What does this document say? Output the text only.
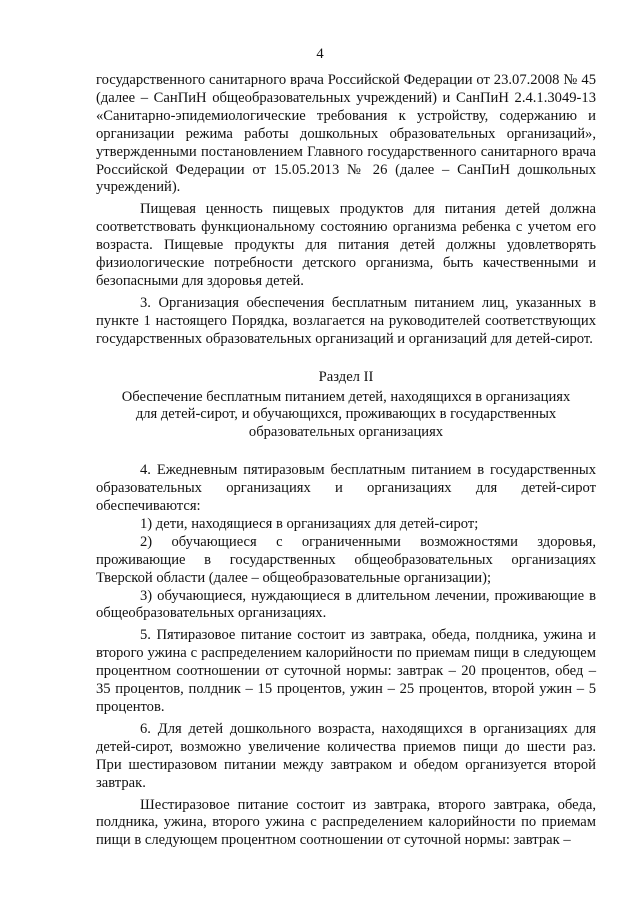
4

государственного санитарного врача Российской Федерации от 23.07.2008 № 45 (далее – СанПиН общеобразовательных учреждений) и СанПиН 2.4.1.3049-13 «Санитарно-эпидемиологические требования к устройству, содержанию и организации режима работы дошкольных образовательных организаций», утвержденными постановлением Главного государственного санитарного врача Российской Федерации от 15.05.2013 № 26 (далее – СанПиН дошкольных учреждений).

Пищевая ценность пищевых продуктов для питания детей должна соответствовать функциональному состоянию организма ребенка с учетом его возраста. Пищевые продукты для питания детей должны удовлетворять физиологические потребности детского организма, быть качественными и безопасными для здоровья детей.

3. Организация обеспечения бесплатным питанием лиц, указанных в пункте 1 настоящего Порядка, возлагается на руководителей соответствующих государственных образовательных организаций и организаций для детей-сирот.

Раздел II
Обеспечение бесплатным питанием детей, находящихся в организациях
для детей-сирот, и обучающихся, проживающих в государственных
образовательных организациях

4. Ежедневным пятиразовым бесплатным питанием в государственных образовательных организациях и организациях для детей-сирот обеспечиваются:

1) дети, находящиеся в организациях для детей-сирот;

2) обучающиеся с ограниченными возможностями здоровья, проживающие в государственных общеобразовательных организациях Тверской области (далее – общеобразовательные организации);

3) обучающиеся, нуждающиеся в длительном лечении, проживающие в общеобразовательных организациях.

5. Пятиразовое питание состоит из завтрака, обеда, полдника, ужина и второго ужина с распределением калорийности по приемам пищи в следующем процентном соотношении от суточной нормы: завтрак – 20 процентов, обед – 35 процентов, полдник – 15 процентов, ужин – 25 процентов, второй ужин – 5 процентов.

6. Для детей дошкольного возраста, находящихся в организациях для детей-сирот, возможно увеличение количества приемов пищи до шести раз. При шестиразовом питании между завтраком и обедом организуется второй завтрак.

Шестиразовое питание состоит из завтрака, второго завтрака, обеда, полдника, ужина, второго ужина с распределением калорийности по приемам пищи в следующем процентном соотношении от суточной нормы: завтрак –
